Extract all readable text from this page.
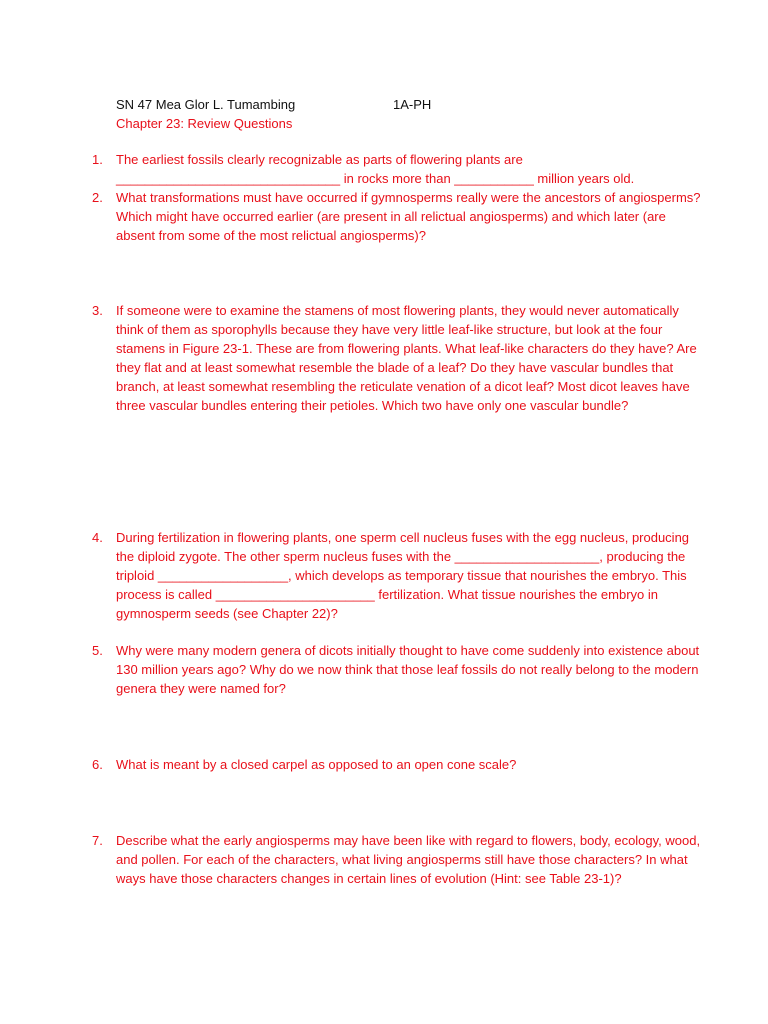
SN 47 Mea Glor L. Tumambing	1A-PH
Chapter 23: Review Questions
1.	The earliest fossils clearly recognizable as parts of flowering plants are _______________________________ in rocks more than ___________ million years old.
2.	What transformations must have occurred if gymnosperms really were the ancestors of angiosperms? Which might have occurred earlier (are present in all relictual angiosperms) and which later (are absent from some of the most relictual angiosperms)?
3.	If someone were to examine the stamens of most flowering plants, they would never automatically think of them as sporophylls because they have very little leaf-like structure, but look at the four stamens in Figure 23-1. These are from flowering plants. What leaf-like characters do they have? Are they flat and at least somewhat resemble the blade of a leaf? Do they have vascular bundles that branch, at least somewhat resembling the reticulate venation of a dicot leaf? Most dicot leaves have three vascular bundles entering their petioles. Which two have only one vascular bundle?
4.	During fertilization in flowering plants, one sperm cell nucleus fuses with the egg nucleus, producing the diploid zygote. The other sperm nucleus fuses with the ____________________, producing the triploid __________________, which develops as temporary tissue that nourishes the embryo. This process is called ______________________ fertilization. What tissue nourishes the embryo in gymnosperm seeds (see Chapter 22)?
5.	Why were many modern genera of dicots initially thought to have come suddenly into existence about 130 million years ago? Why do we now think that those leaf fossils do not really belong to the modern genera they were named for?
6.	What is meant by a closed carpel as opposed to an open cone scale?
7.	Describe what the early angiosperms may have been like with regard to flowers, body, ecology, wood, and pollen. For each of the characters, what living angiosperms still have those characters? In what ways have those characters changes in certain lines of evolution (Hint: see Table 23-1)?
